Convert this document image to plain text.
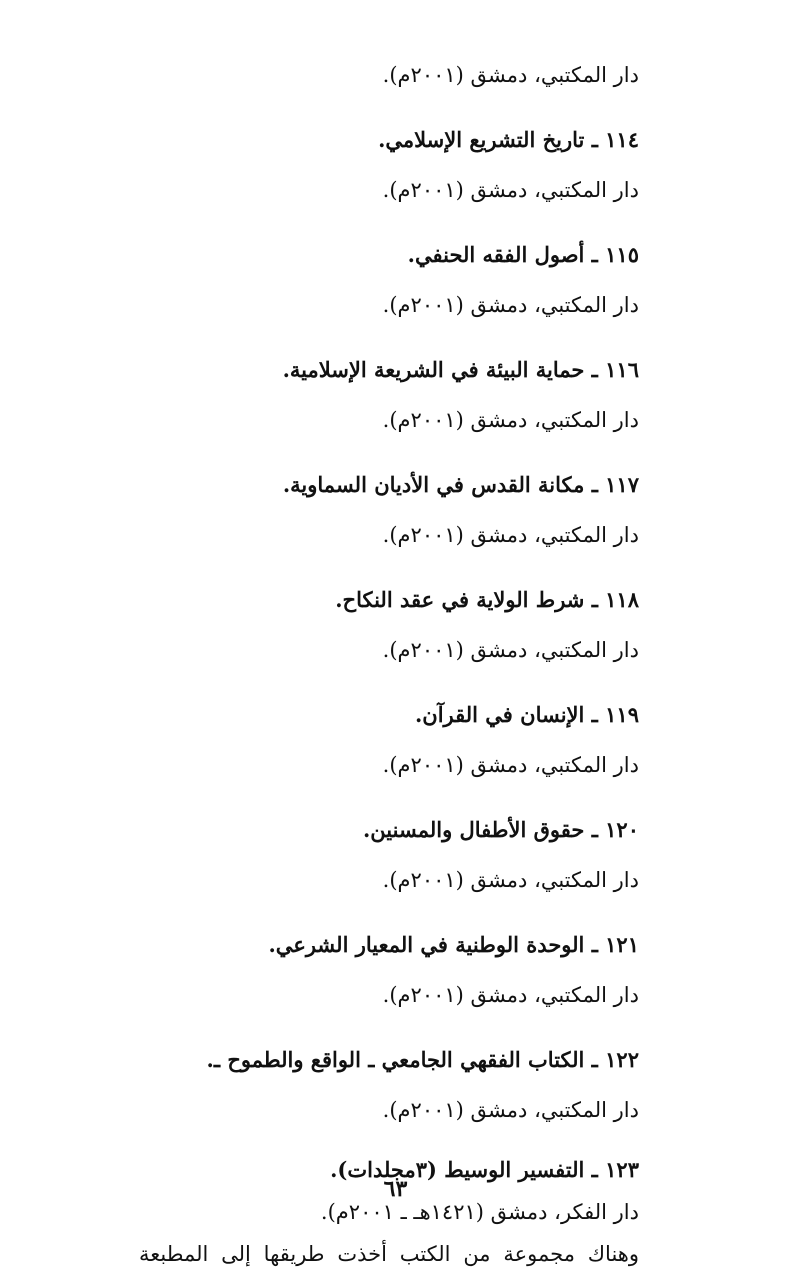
دار المكتبي، دمشق (٢٠٠١م).
١١٤ ـ تاريخ التشريع الإسلامي.
دار المكتبي، دمشق (٢٠٠١م).
١١٥ ـ أصول الفقه الحنفي.
دار المكتبي، دمشق (٢٠٠١م).
١١٦ ـ حماية البيئة في الشريعة الإسلامية.
دار المكتبي، دمشق (٢٠٠١م).
١١٧ ـ مكانة القدس في الأديان السماوية.
دار المكتبي، دمشق (٢٠٠١م).
١١٨ ـ شرط الولاية في عقد النكاح.
دار المكتبي، دمشق (٢٠٠١م).
١١٩ ـ الإنسان في القرآن.
دار المكتبي، دمشق (٢٠٠١م).
١٢٠ ـ حقوق الأطفال والمسنين.
دار المكتبي، دمشق (٢٠٠١م).
١٢١ ـ الوحدة الوطنية في المعيار الشرعي.
دار المكتبي، دمشق (٢٠٠١م).
١٢٢ ـ الكتاب الفقهي الجامعي ـ الواقع والطموح ـ.
دار المكتبي، دمشق (٢٠٠١م).
١٢٣ ـ التفسير الوسيط (٣مجلدات).
دار الفكر، دمشق (١٤٢١هـ ـ ٢٠٠١م).
وهناك مجموعة من الكتب أخذت طريقها إلى المطبعة
٦٣
